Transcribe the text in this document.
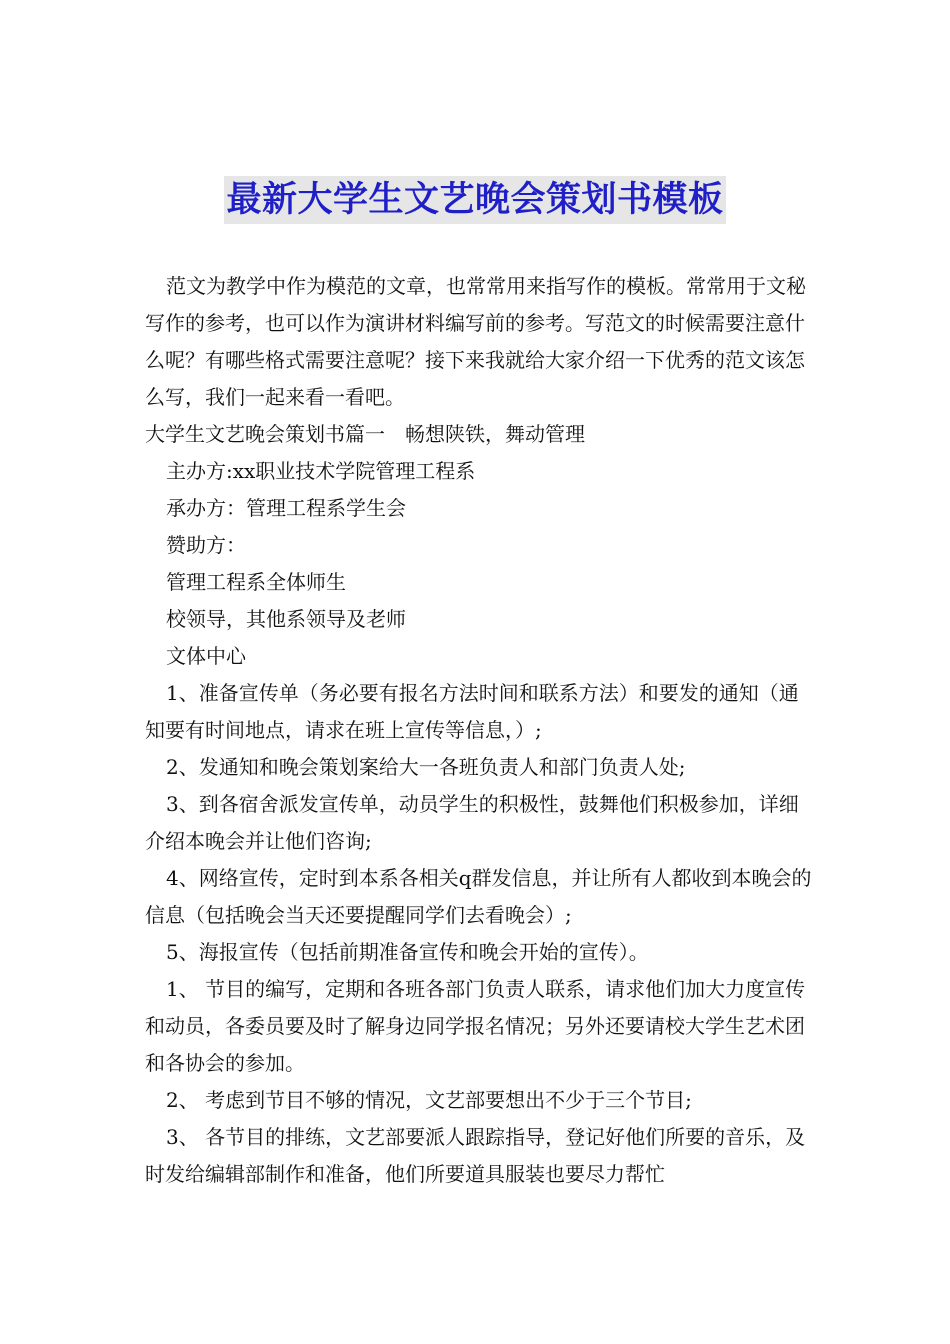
最新大学生文艺晚会策划书模板

范文为教学中作为模范的文章，也常常用来指写作的模板。常常用于文秘写作的参考，也可以作为演讲材料编写前的参考。写范文的时候需要注意什么呢？有哪些格式需要注意呢？接下来我就给大家介绍一下优秀的范文该怎么写，我们一起来看一看吧。

大学生文艺晚会策划书篇一　畅想陕铁，舞动管理

主办方:xx职业技术学院管理工程系

承办方：管理工程系学生会

赞助方：

管理工程系全体师生

校领导，其他系领导及老师

文体中心

1、准备宣传单（务必要有报名方法时间和联系方法）和要发的通知（通知要有时间地点，请求在班上宣传等信息，）;

2、发通知和晚会策划案给大一各班负责人和部门负责人处;

3、到各宿舍派发宣传单，动员学生的积极性，鼓舞他们积极参加，详细介绍本晚会并让他们咨询;

4、网络宣传，定时到本系各相关q群发信息，并让所有人都收到本晚会的信息（包括晚会当天还要提醒同学们去看晚会）;

5、海报宣传（包括前期准备宣传和晚会开始的宣传）。

1、 节目的编写，定期和各班各部门负责人联系，请求他们加大力度宣传和动员，各委员要及时了解身边同学报名情况；另外还要请校大学生艺术团和各协会的参加。

2、 考虑到节目不够的情况，文艺部要想出不少于三个节目;

3、 各节目的排练，文艺部要派人跟踪指导，登记好他们所要的音乐，及时发给编辑部制作和准备，他们所要道具服装也要尽力帮忙
